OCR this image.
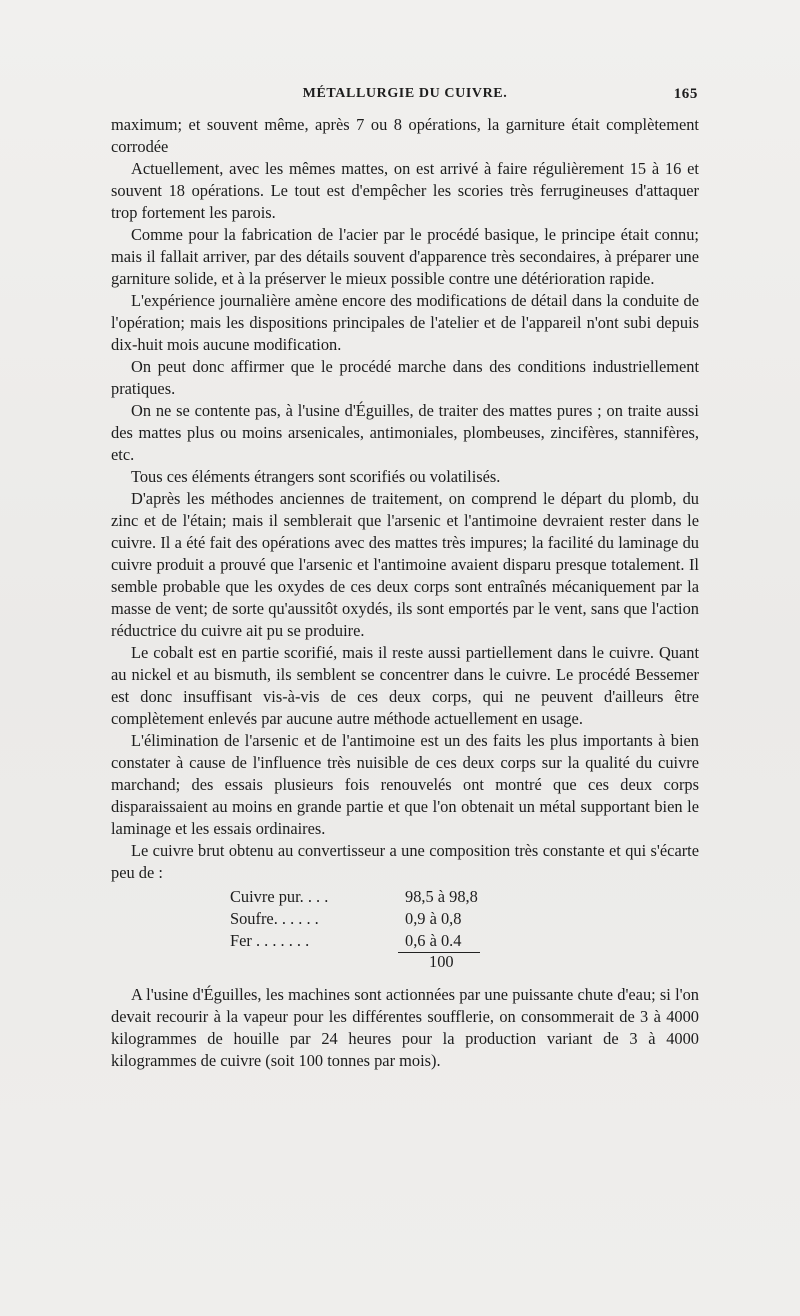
MÉTALLURGIE DU CUIVRE.	165

maximum; et souvent même, après 7 ou 8 opérations, la garniture était complètement corrodée

Actuellement, avec les mêmes mattes, on est arrivé à faire régulièrement 15 à 16 et souvent 18 opérations. Le tout est d'empêcher les scories très ferrugineuses d'attaquer trop fortement les parois.

Comme pour la fabrication de l'acier par le procédé basique, le principe était connu; mais il fallait arriver, par des détails souvent d'apparence très secondaires, à préparer une garniture solide, et à la préserver le mieux possible contre une détérioration rapide.

L'expérience journalière amène encore des modifications de détail dans la conduite de l'opération; mais les dispositions principales de l'atelier et de l'appareil n'ont subi depuis dix-huit mois aucune modification.

On peut donc affirmer que le procédé marche dans des conditions industriellement pratiques.

On ne se contente pas, à l'usine d'Éguilles, de traiter des mattes pures ; on traite aussi des mattes plus ou moins arsenicales, antimoniales, plombeuses, zincifères, stannifères, etc.

Tous ces éléments étrangers sont scorifiés ou volatilisés.

D'après les méthodes anciennes de traitement, on comprend le départ du plomb, du zinc et de l'étain; mais il semblerait que l'arsenic et l'antimoine devraient rester dans le cuivre. Il a été fait des opérations avec des mattes très impures; la facilité du laminage du cuivre produit a prouvé que l'arsenic et l'antimoine avaient disparu presque totalement. Il semble probable que les oxydes de ces deux corps sont entraînés mécaniquement par la masse de vent; de sorte qu'aussitôt oxydés, ils sont emportés par le vent, sans que l'action réductrice du cuivre ait pu se produire.

Le cobalt est en partie scorifié, mais il reste aussi partiellement dans le cuivre. Quant au nickel et au bismuth, ils semblent se concentrer dans le cuivre. Le procédé Bessemer est donc insuffisant vis-à-vis de ces deux corps, qui ne peuvent d'ailleurs être complètement enlevés par aucune autre méthode actuellement en usage.

L'élimination de l'arsenic et de l'antimoine est un des faits les plus importants à bien constater à cause de l'influence très nuisible de ces deux corps sur la qualité du cuivre marchand; des essais plusieurs fois renouvelés ont montré que ces deux corps disparaissaient au moins en grande partie et que l'on obtenait un métal supportant bien le laminage et les essais ordinaires.

Le cuivre brut obtenu au convertisseur a une composition très constante et qui s'écarte peu de :

Cuivre pur. . . .	98,5 à 98,8
Soufre. . . . . .	0,9 à 0,8
Fer . . . . . . .	0,6 à 0.4
100

A l'usine d'Éguilles, les machines sont actionnées par une puissante chute d'eau; si l'on devait recourir à la vapeur pour les différentes soufflerie, on consommerait de 3 à 4000 kilogrammes de houille par 24 heures pour la production variant de 3 à 4000 kilogrammes de cuivre (soit 100 tonnes par mois).
